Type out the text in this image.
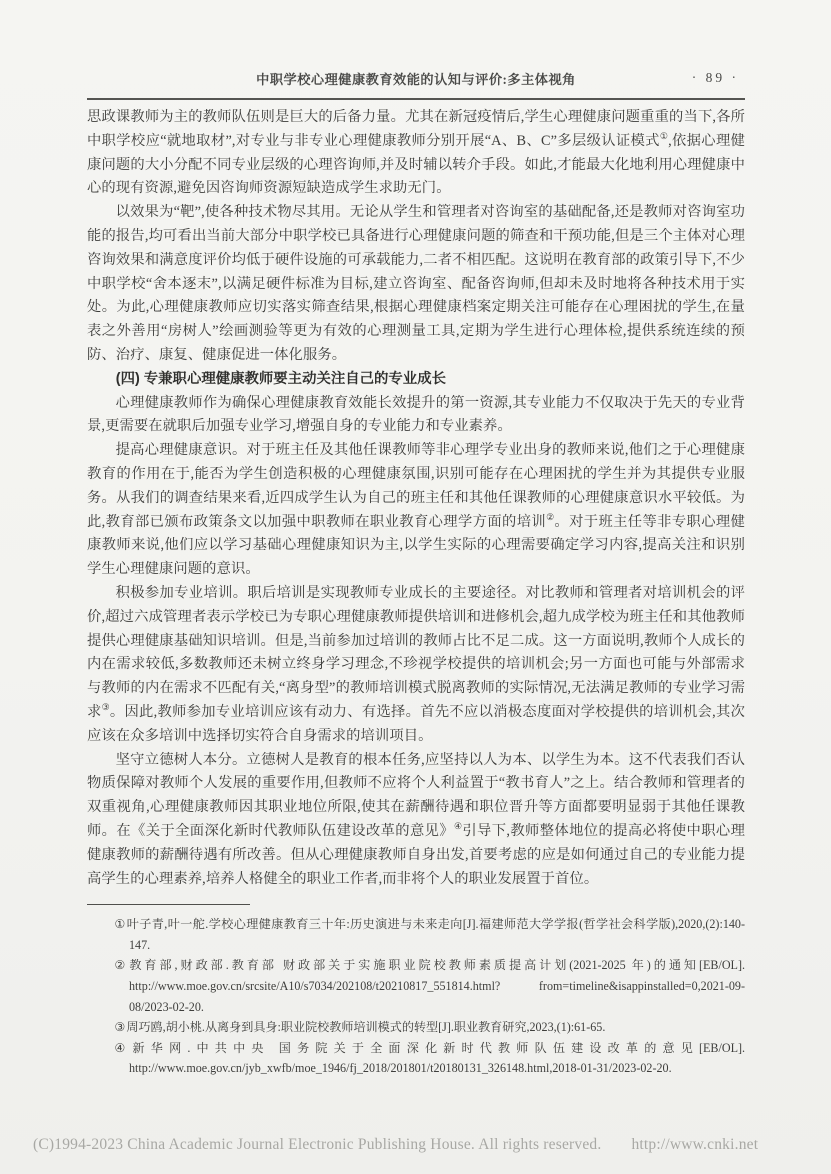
中职学校心理健康教育效能的认知与评价:多主体视角	· 89 ·

思政课教师为主的教师队伍则是巨大的后备力量。尤其在新冠疫情后,学生心理健康问题重重的当下,各所中职学校应“就地取材”,对专业与非专业心理健康教师分别开展“A、B、C”多层级认证模式①,依据心理健康问题的大小分配不同专业层级的心理咨询师,并及时辅以转介手段。如此,才能最大化地利用心理健康中心的现有资源,避免因咨询师资源短缺造成学生求助无门。

以效果为“靶”,使各种技术物尽其用。无论从学生和管理者对咨询室的基础配备,还是教师对咨询室功能的报告,均可看出当前大部分中职学校已具备进行心理健康问题的筛查和干预功能,但是三个主体对心理咨询效果和满意度评价均低于硬件设施的可承载能力,二者不相匹配。这说明在教育部的政策引导下,不少中职学校“舍本逐末”,以满足硬件标准为目标,建立咨询室、配备咨询师,但却未及时地将各种技术用于实处。为此,心理健康教师应切实落实筛查结果,根据心理健康档案定期关注可能存在心理困扰的学生,在量表之外善用“房树人”绘画测验等更为有效的心理测量工具,定期为学生进行心理体检,提供系统连续的预防、治疗、康复、健康促进一体化服务。

(四) 专兼职心理健康教师要主动关注自己的专业成长

心理健康教师作为确保心理健康教育效能长效提升的第一资源,其专业能力不仅取决于先天的专业背景,更需要在就职后加强专业学习,增强自身的专业能力和专业素养。

提高心理健康意识。对于班主任及其他任课教师等非心理学专业出身的教师来说,他们之于心理健康教育的作用在于,能否为学生创造积极的心理健康氛围,识别可能存在心理困扰的学生并为其提供专业服务。从我们的调查结果来看,近四成学生认为自己的班主任和其他任课教师的心理健康意识水平较低。为此,教育部已颁布政策条文以加强中职教师在职业教育心理学方面的培训②。对于班主任等非专职心理健康教师来说,他们应以学习基础心理健康知识为主,以学生实际的心理需要确定学习内容,提高关注和识别学生心理健康问题的意识。

积极参加专业培训。职后培训是实现教师专业成长的主要途径。对比教师和管理者对培训机会的评价,超过六成管理者表示学校已为专职心理健康教师提供培训和进修机会,超九成学校为班主任和其他教师提供心理健康基础知识培训。但是,当前参加过培训的教师占比不足二成。这一方面说明,教师个人成长的内在需求较低,多数教师还未树立终身学习理念,不珍视学校提供的培训机会;另一方面也可能与外部需求与教师的内在需求不匹配有关,“离身型”的教师培训模式脱离教师的实际情况,无法满足教师的专业学习需求③。因此,教师参加专业培训应该有动力、有选择。首先不应以消极态度面对学校提供的培训机会,其次应该在众多培训中选择切实符合自身需求的培训项目。

坚守立德树人本分。立德树人是教育的根本任务,应坚持以人为本、以学生为本。这不代表我们否认物质保障对教师个人发展的重要作用,但教师不应将个人利益置于“教书育人”之上。结合教师和管理者的双重视角,心理健康教师因其职业地位所限,使其在薪酬待遇和职位晋升等方面都要明显弱于其他任课教师。在《关于全面深化新时代教师队伍建设改革的意见》④引导下,教师整体地位的提高必将使中职心理健康教师的薪酬待遇有所改善。但从心理健康教师自身出发,首要考虑的应是如何通过自己的专业能力提高学生的心理素养,培养人格健全的职业工作者,而非将个人的职业发展置于首位。

①叶子青,叶一舵.学校心理健康教育三十年:历史演进与未来走向[J].福建师范大学学报(哲学社会科学版),2020,(2):140-147.

②教育部,财政部.教育部 财政部关于实施职业院校教师素质提高计划(2021-2025 年)的通知[EB/OL]. http://www.moe.gov.cn/srcsite/A10/s7034/202108/t20210817_551814.html? from=timeline&isappinstalled=0,2021-09-08/2023-02-20.

③周巧鸥,胡小桃.从离身到具身:职业院校教师培训模式的转型[J].职业教育研究,2023,(1):61-65.

④新华网.中共中央 国务院关于全面深化新时代教师队伍建设改革的意见[EB/OL]. http://www.moe.gov.cn/jyb_xwfb/moe_1946/fj_2018/201801/t20180131_326148.html,2018-01-31/2023-02-20.

(C)1994-2023 China Academic Journal Electronic Publishing House. All rights reserved. http://www.cnki.net
